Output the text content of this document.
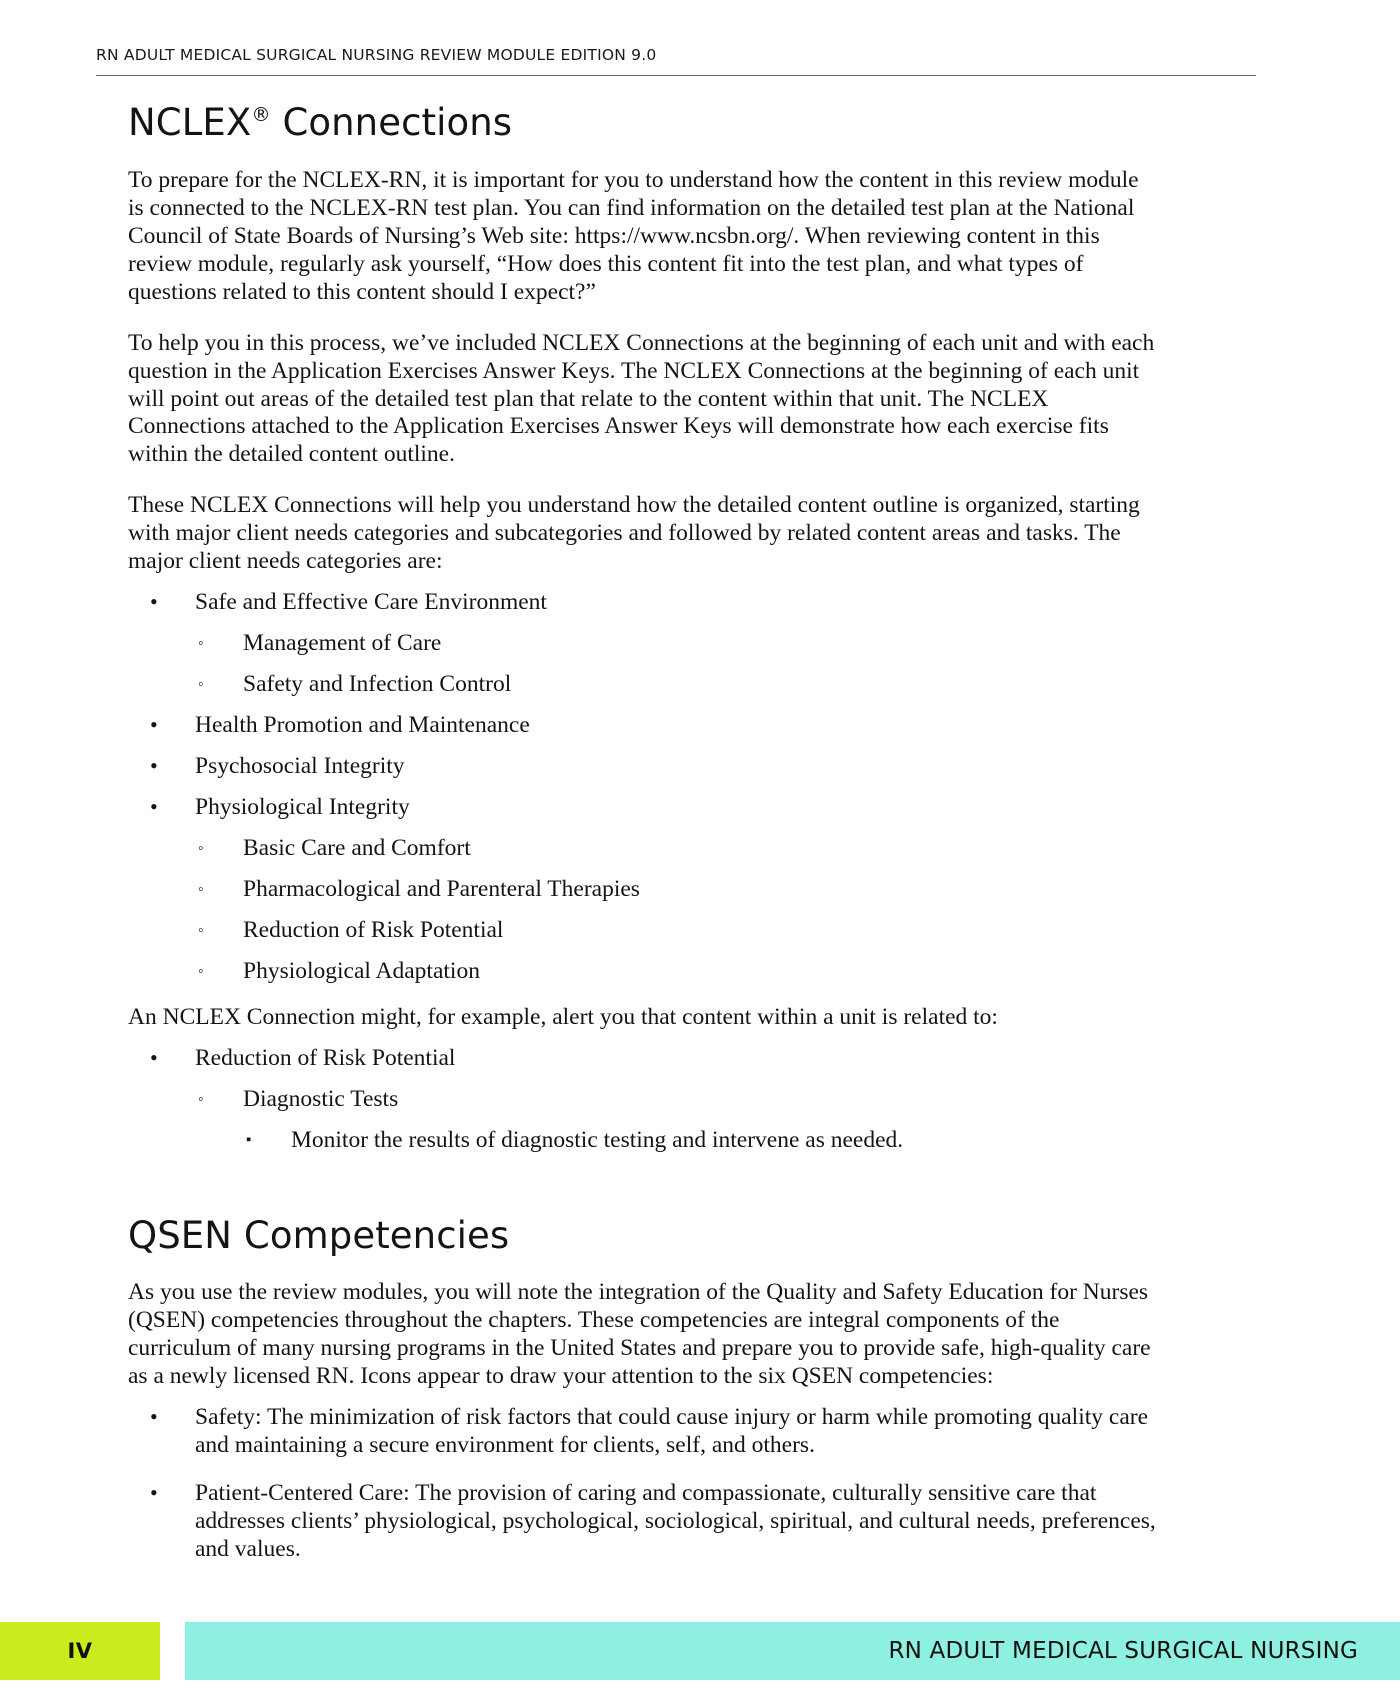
RN ADULT MEDICAL SURGICAL NURSING REVIEW MODULE EDITION 9.0
NCLEX® Connections

To prepare for the NCLEX-RN, it is important for you to understand how the content in this review module is connected to the NCLEX-RN test plan. You can find information on the detailed test plan at the National Council of State Boards of Nursing’s Web site: https://www.ncsbn.org/. When reviewing content in this review module, regularly ask yourself, “How does this content fit into the test plan, and what types of questions related to this content should I expect?”

To help you in this process, we’ve included NCLEX Connections at the beginning of each unit and with each question in the Application Exercises Answer Keys. The NCLEX Connections at the beginning of each unit will point out areas of the detailed test plan that relate to the content within that unit. The NCLEX Connections attached to the Application Exercises Answer Keys will demonstrate how each exercise fits within the detailed content outline.

These NCLEX Connections will help you understand how the detailed content outline is organized, starting with major client needs categories and subcategories and followed by related content areas and tasks. The major client needs categories are:

•	Safe and Effective Care Environment
◦	Management of Care
◦	Safety and Infection Control
•	Health Promotion and Maintenance
•	Psychosocial Integrity
•	Physiological Integrity
◦	Basic Care and Comfort
◦	Pharmacological and Parenteral Therapies
◦	Reduction of Risk Potential
◦	Physiological Adaptation

An NCLEX Connection might, for example, alert you that content within a unit is related to:

•	Reduction of Risk Potential
◦	Diagnostic Tests
▪	Monitor the results of diagnostic testing and intervene as needed.
QSEN Competencies

As you use the review modules, you will note the integration of the Quality and Safety Education for Nurses (QSEN) competencies throughout the chapters. These competencies are integral components of the curriculum of many nursing programs in the United States and prepare you to provide safe, high-quality care as a newly licensed RN. Icons appear to draw your attention to the six QSEN competencies:

•	Safety: The minimization of risk factors that could cause injury or harm while promoting quality care and maintaining a secure environment for clients, self, and others.
•	Patient-Centered Care: The provision of caring and compassionate, culturally sensitive care that addresses clients’ physiological, psychological, sociological, spiritual, and cultural needs, preferences, and values.
IV	RN ADULT MEDICAL SURGICAL NURSING
